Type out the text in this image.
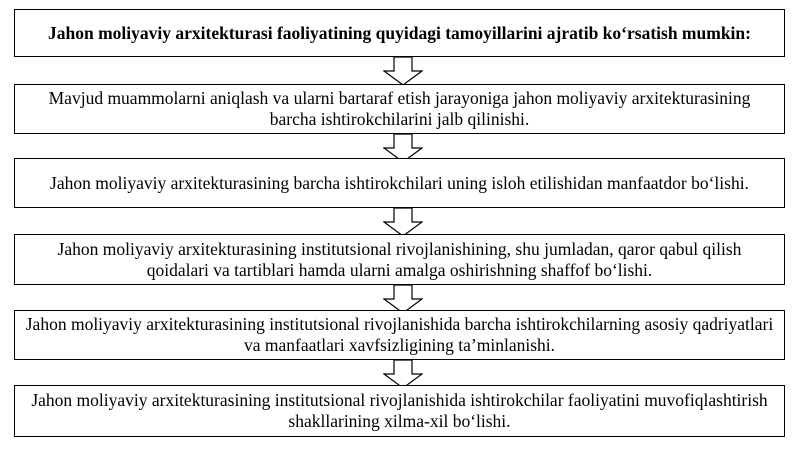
Jahon moliyaviy arxitekturasi faoliyatining quyidagi tamoyillarini ajratib ko‘rsatish mumkin:
Mavjud muammolarni aniqlash va ularni bartaraf etish jarayoniga jahon moliyaviy arxitekturasining barcha ishtirokchilarini jalb qilinishi.
Jahon moliyaviy arxitekturasining barcha ishtirokchilari uning isloh etilishidan manfaatdor bo‘lishi.
Jahon moliyaviy arxitekturasining institutsional rivojlanishining, shu jumladan, qaror qabul qilish qoidalari va tartiblari hamda ularni amalga oshirishning shaffof bo‘lishi.
Jahon moliyaviy arxitekturasining institutsional rivojlanishida barcha ishtirokchilarning asosiy qadriyatlari va manfaatlari xavfsizligining ta’minlanishi.
Jahon moliyaviy arxitekturasining institutsional rivojlanishida ishtirokchilar faoliyatini muvofiqlashtirish shakllarining xilma-xil bo‘lishi.
